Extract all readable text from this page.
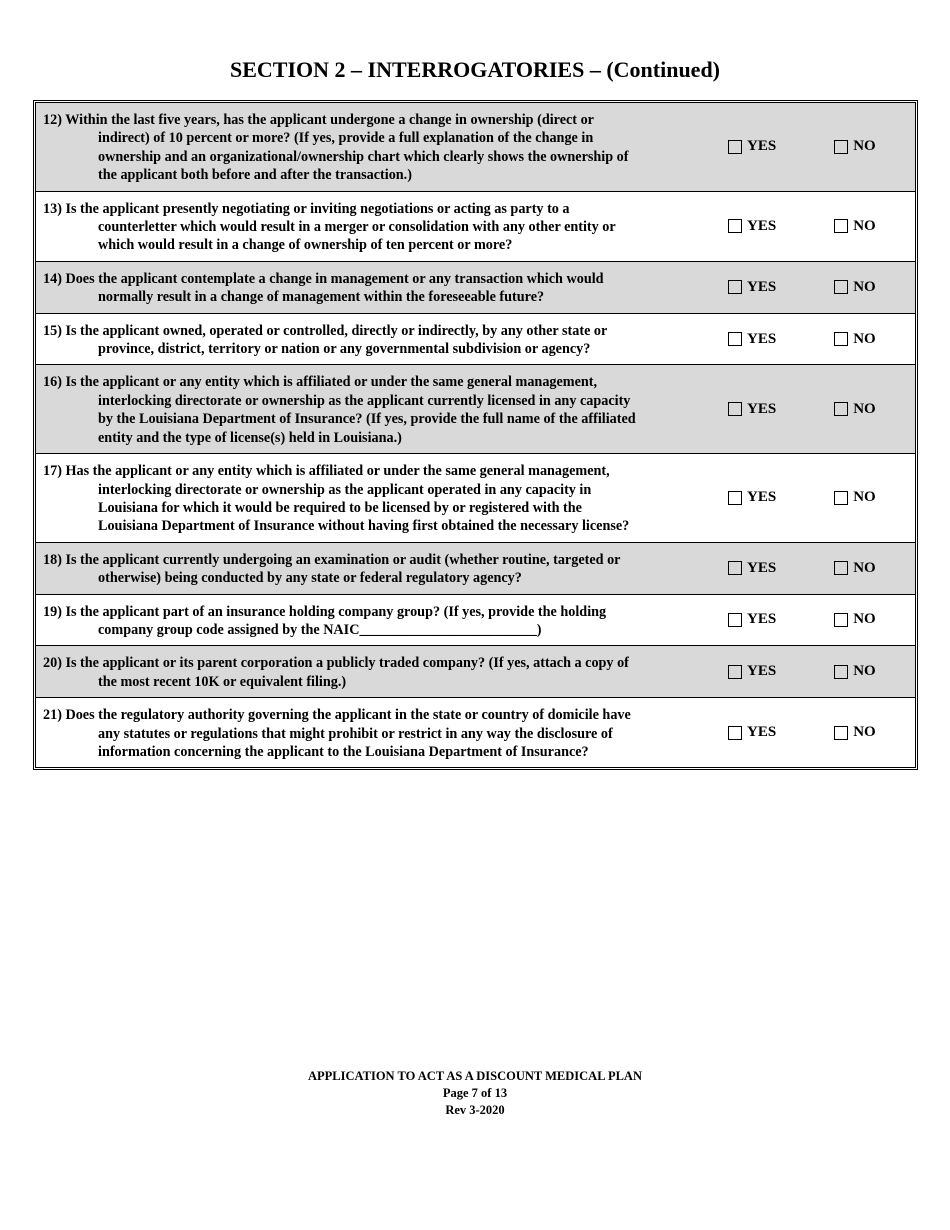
SECTION 2 – INTERROGATORIES – (Continued)
12) Within the last five years, has the applicant undergone a change in ownership (direct or
indirect) of 10 percent or more? (If yes, provide a full explanation of the change in
ownership and an organizational/ownership chart which clearly shows the ownership of
the applicant both before and after the transaction.)
YES	NO
13) Is the applicant presently negotiating or inviting negotiations or acting as party to a
counterletter which would result in a merger or consolidation with any other entity or
which would result in a change of ownership of ten percent or more?
YES	NO
14) Does the applicant contemplate a change in management or any transaction which would
normally result in a change of management within the foreseeable future?
YES	NO
15) Is the applicant owned, operated or controlled, directly or indirectly, by any other state or
province, district, territory or nation or any governmental subdivision or agency?
YES	NO
16) Is the applicant or any entity which is affiliated or under the same general management,
interlocking directorate or ownership as the applicant currently licensed in any capacity
by the Louisiana Department of Insurance? (If yes, provide the full name of the affiliated
entity and the type of license(s) held in Louisiana.)
YES	NO
17) Has the applicant or any entity which is affiliated or under the same general management,
interlocking directorate or ownership as the applicant operated in any capacity in
Louisiana for which it would be required to be licensed by or registered with the
Louisiana Department of Insurance without having first obtained the necessary license?
YES	NO
18) Is the applicant currently undergoing an examination or audit (whether routine, targeted or
otherwise) being conducted by any state or federal regulatory agency?
YES	NO
19) Is the applicant part of an insurance holding company group? (If yes, provide the holding
company group code assigned by the NAIC_________________________)
YES	NO
20) Is the applicant or its parent corporation a publicly traded company? (If yes, attach a copy of
the most recent 10K or equivalent filing.)
YES	NO
21) Does the regulatory authority governing the applicant in the state or country of domicile have
any statutes or regulations that might prohibit or restrict in any way the disclosure of
information concerning the applicant to the Louisiana Department of Insurance?
YES	NO
APPLICATION TO ACT AS A DISCOUNT MEDICAL PLAN
Page 7 of 13
Rev 3-2020
